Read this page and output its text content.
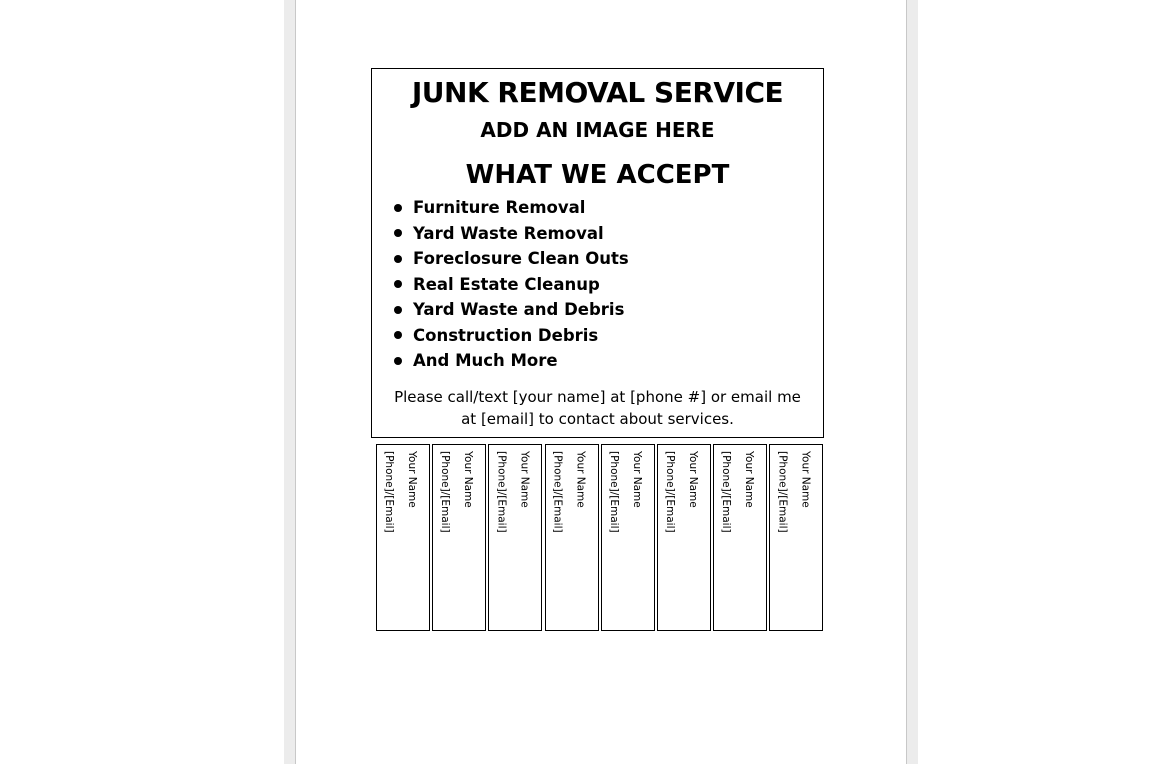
JUNK REMOVAL SERVICE
ADD AN IMAGE HERE
WHAT WE ACCEPT
Furniture Removal
Yard Waste Removal
Foreclosure Clean Outs
Real Estate Cleanup
Yard Waste and Debris
Construction Debris
And Much More
Please call/text [your name] at [phone #] or email me at [email] to contact about services.
Your Name
[Phone]/[Email]	Your Name
[Phone]/[Email]	Your Name
[Phone]/[Email]	Your Name
[Phone]/[Email]	Your Name
[Phone]/[Email]	Your Name
[Phone]/[Email]	Your Name
[Phone]/[Email]	Your Name
[Phone]/[Email]
